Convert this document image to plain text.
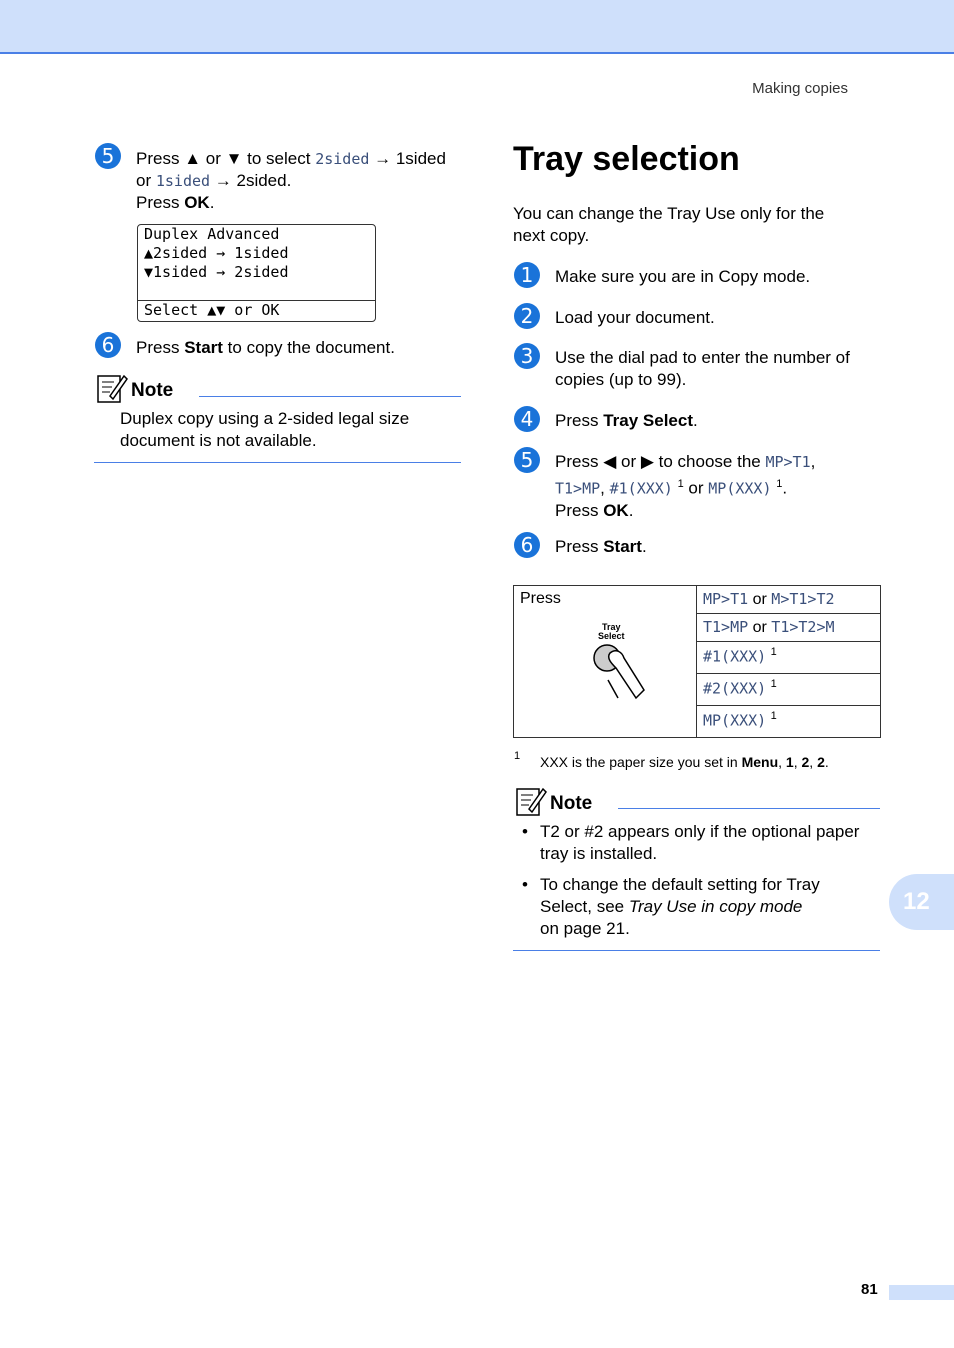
Making copies
5	Press ▲ or ▼ to select 2sided → 1sided
or 1sided → 2sided.
Press OK.
Duplex Advanced
▲2sided → 1sided
▼1sided → 2sided
Select ▲▼ or OK
6	Press Start to copy the document.
Note
Duplex copy using a 2-sided legal size
document is not available.
Tray selection
You can change the Tray Use only for the
next copy.
1	Make sure you are in Copy mode.
2	Load your document.
3	Use the dial pad to enter the number of
copies (up to 99).
4	Press Tray Select.
5	Press ◀ or ▶ to choose the MP>T1,
T1>MP, #1(XXX) $^1$ or MP(XXX) $^1$.
Press OK.
6	Press Start.
Press
Tray
Select
	MP>T1 or M>T1>T2
T1>MP or T1>T2>M
#1(XXX) $^1$
#2(XXX) $^1$
MP(XXX) $^1$
1 XXX is the paper size you set in Menu, 1, 2, 2.
Note
• T2 or #2 appears only if the optional paper
tray is installed.
• To change the default setting for Tray
Select, see Tray Use in copy mode
on page 21.
12
81
